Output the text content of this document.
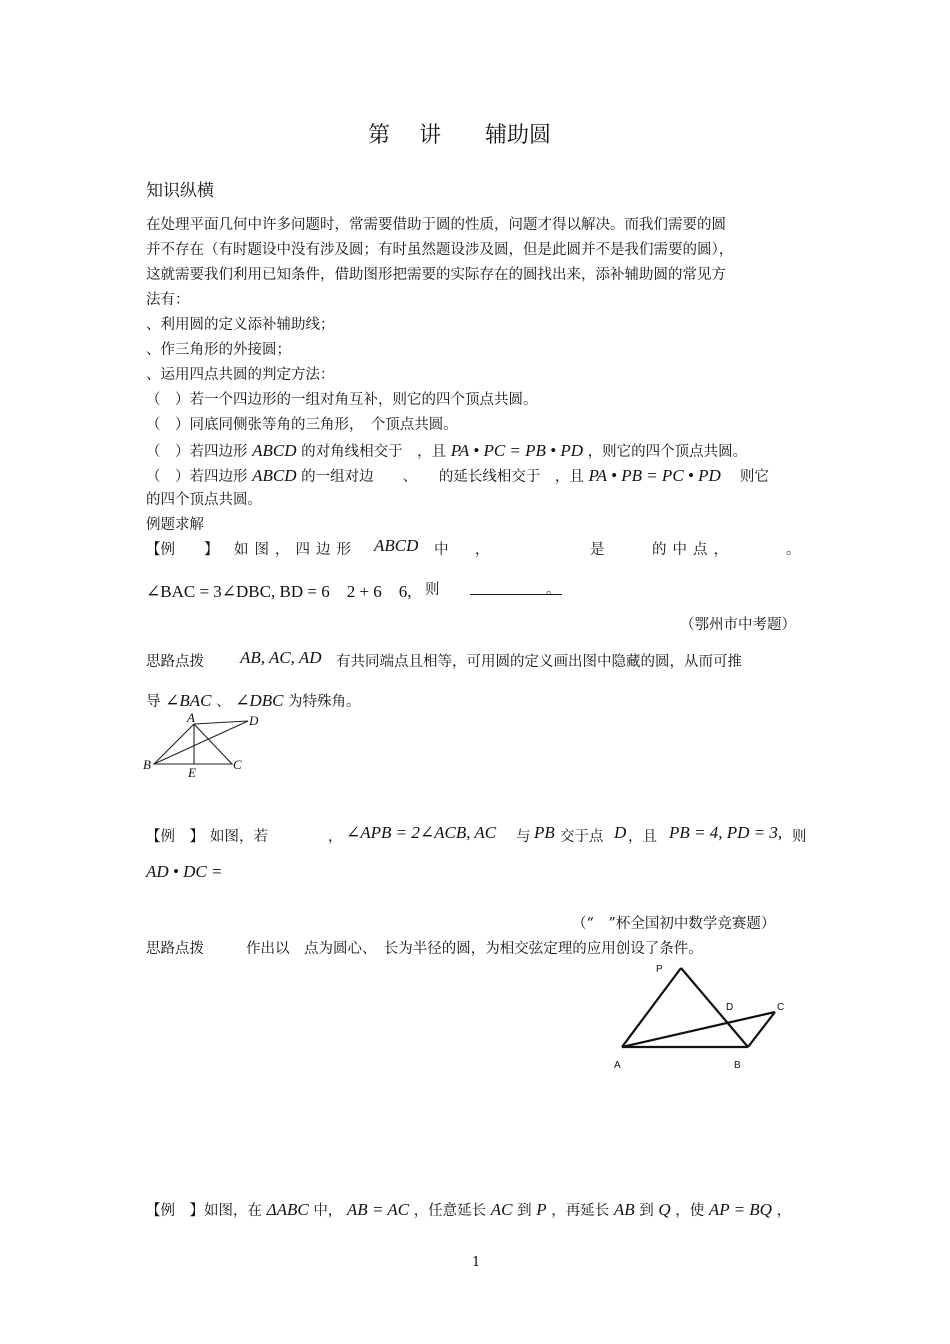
第　 讲　　辅助圆
知识纵横
在处理平面几何中许多问题时，常需要借助于圆的性质，问题才得以解决。而我们需要的圆
并不存在（有时题设中没有涉及圆；有时虽然题设涉及圆，但是此圆并不是我们需要的圆），
这就需要我们利用已知条件，借助图形把需要的实际存在的圆找出来，添补辅助圆的常见方
法有：
、利用圆的定义添补辅助线；
、作三角形的外接圆；
、运用四点共圆的判定方法：
（　）若一个四边形的一组对角互补，则它的四个顶点共圆。
（　）同底同侧张等角的三角形，　个顶点共圆。
（　）若四边形 ABCD 的对角线相交于　，且 PA • PC = PB • PD ，则它的四个顶点共圆。
（　）若四边形 ABCD 的一组对边　　、　　的延长线相交于　，且 PA • PB = PC • PD 　则它
的四个顶点共圆。
例题求解
【例　　】 如图，四边形 ABCD 中　，	是	的中点，	。
∠BAC = 3∠DBC, BD = 6　2 + 6　6, 则	。
（鄂州市中考题）
思路点拨 AB, AC, AD 有共同端点且相等，可用圆的定义画出图中隐藏的圆，从而可推
导 ∠BAC 、 ∠DBC 为特殊角。
A
B	C
D
E
【例　】 如图，若	， ∠APB = 2∠ACB, AC 与 PB 交于点 D ，且 PB = 4, PD = 3, 则
AD • DC =
（“　”杯全国初中数学竞赛题）
思路点拨	作出以　点为圆心、　长为半径的圆，为相交弦定理的应用创设了条件。
P
D	C
A	B
【例　】如图，在 ΔABC 中， AB = AC ，任意延长 AC 到 P ，再延长 AB 到 Q ，使 AP = BQ ，
1
